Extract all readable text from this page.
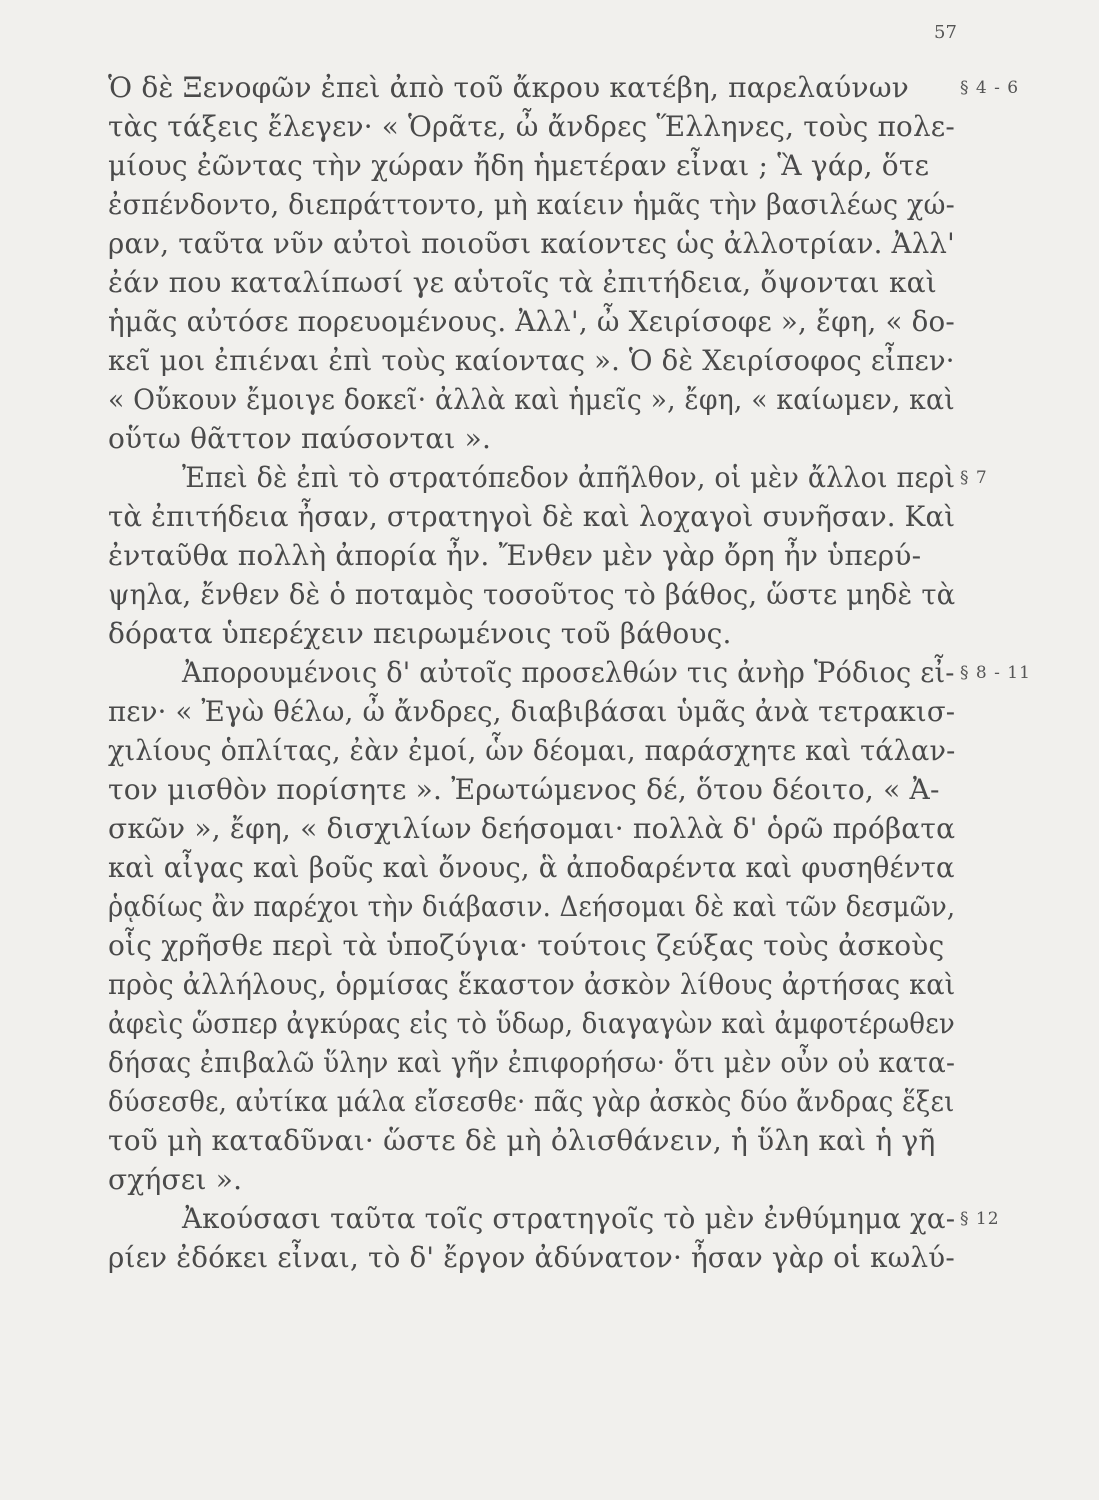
57
Ὁ δὲ Ξενοφῶν ἐπεὶ ἀπὸ τοῦ ἄκρου κατέβη, παρελαύνων
τὰς τάξεις ἔλεγεν· « Ὁρᾶτε, ὦ ἄνδρες Ἕλληνες, τοὺς πολε-
μίους ἐῶντας τὴν χώραν ἤδη ἡμετέραν εἶναι ; Ἃ γάρ, ὅτε
ἐσπένδοντο, διεπράττοντο, μὴ καίειν ἡμᾶς τὴν βασιλέως χώ-
ραν, ταῦτα νῦν αὐτοὶ ποιοῦσι καίοντες ὡς ἀλλοτρίαν. Ἀλλ'
ἐάν που καταλίπωσί γε αὑτοῖς τὰ ἐπιτήδεια, ὄψονται καὶ
ἡμᾶς αὐτόσε πορευομένους. Ἀλλ', ὦ Χειρίσοφε », ἔφη, « δο-
κεῖ μοι ἐπιέναι ἐπὶ τοὺς καίοντας ». Ὁ δὲ Χειρίσοφος εἶπεν·
« Οὔκουν ἔμοιγε δοκεῖ· ἀλλὰ καὶ ἡμεῖς », ἔφη, « καίωμεν, καὶ
οὕτω θᾶττον παύσονται ».
Ἐπεὶ δὲ ἐπὶ τὸ στρατόπεδον ἀπῆλθον, οἱ μὲν ἄλλοι περὶ
τὰ ἐπιτήδεια ἦσαν, στρατηγοὶ δὲ καὶ λοχαγοὶ συνῆσαν. Καὶ
ἐνταῦθα πολλὴ ἀπορία ἦν. Ἔνθεν μὲν γὰρ ὄρη ἦν ὑπερύ-
ψηλα, ἔνθεν δὲ ὁ ποταμὸς τοσοῦτος τὸ βάθος, ὥστε μηδὲ τὰ
δόρατα ὑπερέχειν πειρωμένοις τοῦ βάθους.
Ἀπορουμένοις δ' αὐτοῖς προσελθών τις ἀνὴρ Ῥόδιος εἶ-
πεν· « Ἐγὼ θέλω, ὦ ἄνδρες, διαβιβάσαι ὑμᾶς ἀνὰ τετρακισ-
χιλίους ὁπλίτας, ἐὰν ἐμοί, ὧν δέομαι, παράσχητε καὶ τάλαν-
τον μισθὸν πορίσητε ». Ἐρωτώμενος δέ, ὅτου δέοιτο, « Ἀ-
σκῶν », ἔφη, « δισχιλίων δεήσομαι· πολλὰ δ' ὁρῶ πρόβατα
καὶ αἶγας καὶ βοῦς καὶ ὄνους, ἃ ἀποδαρέντα καὶ φυσηθέντα
ῥᾳδίως ἂν παρέχοι τὴν διάβασιν. Δεήσομαι δὲ καὶ τῶν δεσμῶν,
οἷς χρῆσθε περὶ τὰ ὑποζύγια· τούτοις ζεύξας τοὺς ἀσκοὺς
πρὸς ἀλλήλους, ὁρμίσας ἕκαστον ἀσκὸν λίθους ἀρτήσας καὶ
ἀφεὶς ὥσπερ ἀγκύρας εἰς τὸ ὕδωρ, διαγαγὼν καὶ ἀμφοτέρωθεν
δήσας ἐπιβαλῶ ὕλην καὶ γῆν ἐπιφορήσω· ὅτι μὲν οὖν οὐ κατα-
δύσεσθε, αὐτίκα μάλα εἴσεσθε· πᾶς γὰρ ἀσκὸς δύο ἄνδρας ἕξει
τοῦ μὴ καταδῦναι· ὥστε δὲ μὴ ὀλισθάνειν, ἡ ὕλη καὶ ἡ γῆ
σχήσει ».
Ἀκούσασι ταῦτα τοῖς στρατηγοῖς τὸ μὲν ἐνθύμημα χα-
ρίεν ἐδόκει εἶναι, τὸ δ' ἔργον ἀδύνατον· ἦσαν γὰρ οἱ κωλύ-
§ 4 - 6
§ 7
§ 8 - 11
§ 12
